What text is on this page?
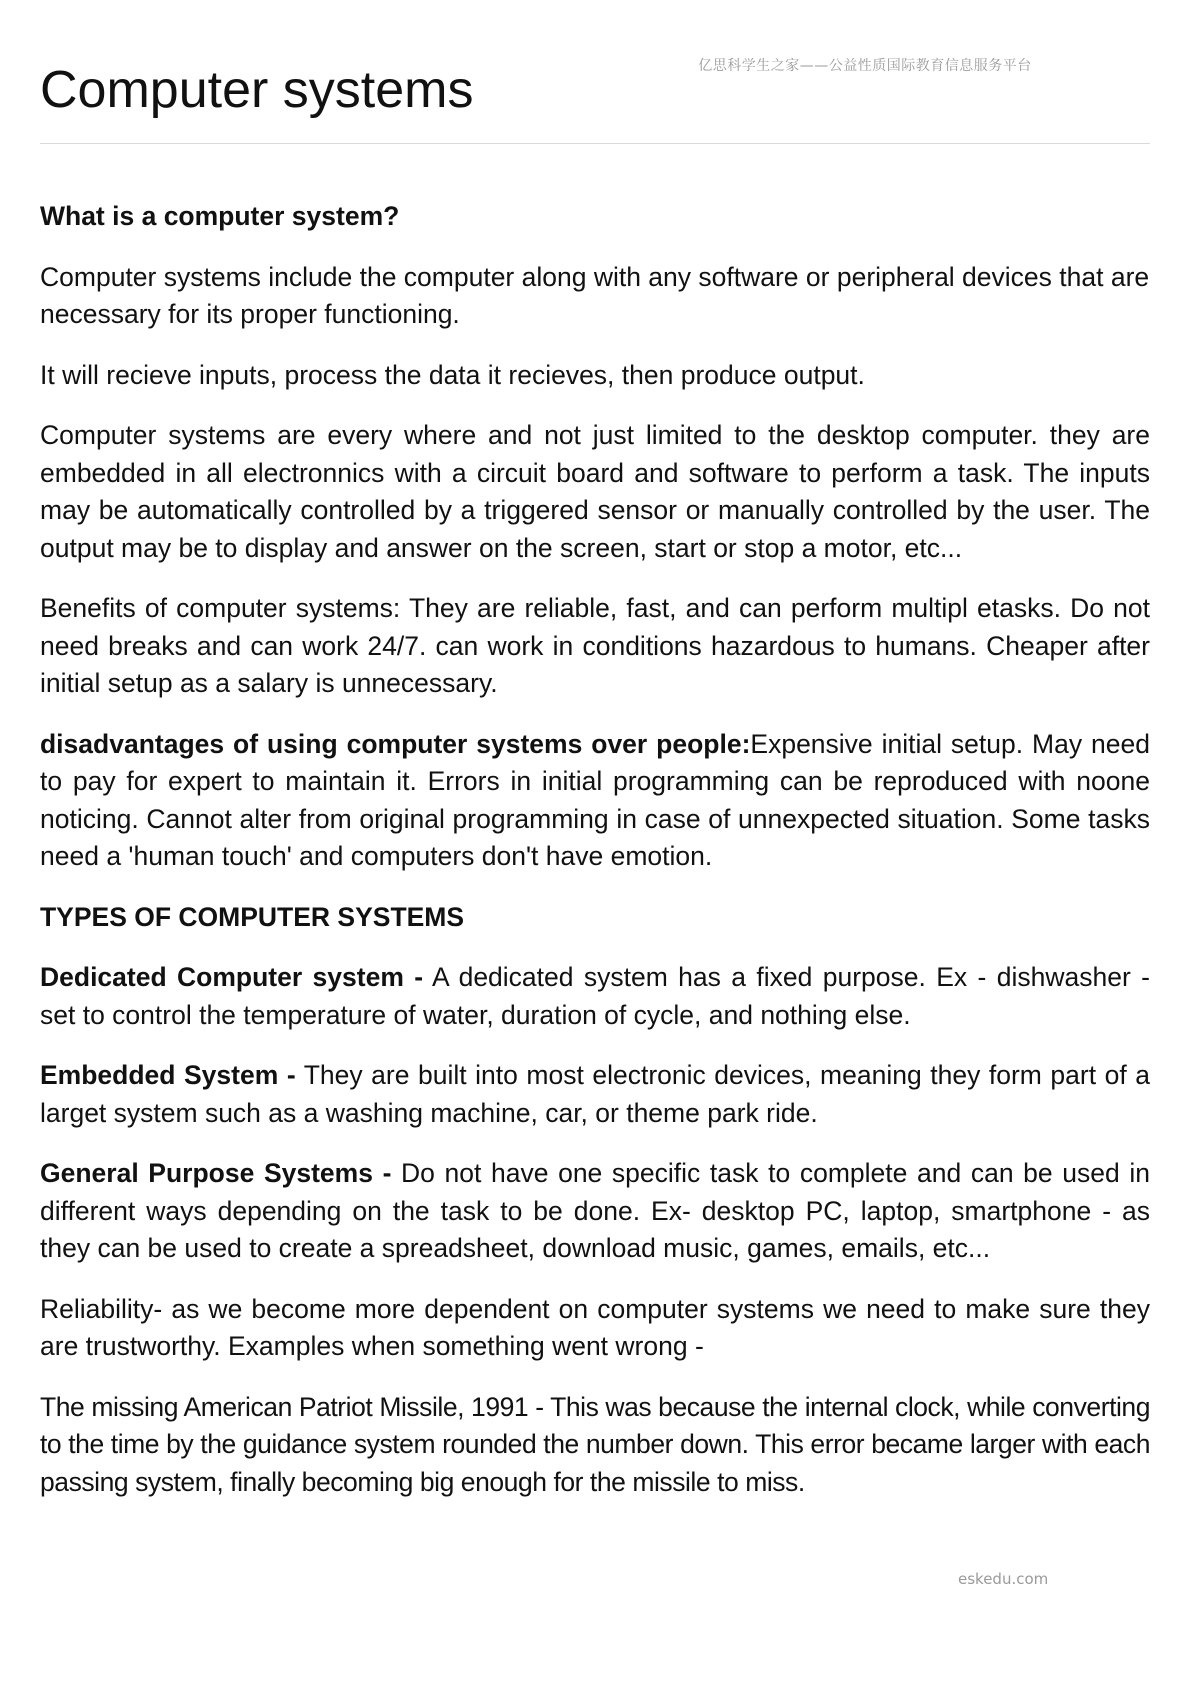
亿思科学生之家——公益性质国际教育信息服务平台
Computer systems

What is a computer system?

Computer systems include the computer along with any software or peripheral devices that are necessary for its proper functioning.

It will recieve inputs, process the data it recieves, then produce output.

Computer systems are every where and not just limited to the desktop computer. they are embedded in all electronnics with a circuit board and software to perform a task. The inputs may be automatically controlled by a triggered sensor or manually controlled by the user. The output may be to display and answer on the screen, start or stop a motor, etc...

Benefits of computer systems: They are reliable, fast, and can perform multipl etasks. Do not need breaks and can work 24/7. can work in conditions hazardous to humans. Cheaper after initial setup as a salary is unnecessary.

disadvantages of using computer systems over people:Expensive initial setup. May need to pay for expert to maintain it. Errors in initial programming can be reproduced with noone noticing. Cannot alter from original programming in case of unnexpected situation. Some tasks need a 'human touch' and computers don't have emotion.

TYPES OF COMPUTER SYSTEMS

Dedicated Computer system - A dedicated system has a fixed purpose. Ex - dishwasher - set to control the temperature of water, duration of cycle, and nothing else.

Embedded System - They are built into most electronic devices, meaning they form part of a larget system such as a washing machine, car, or theme park ride.

General Purpose Systems - Do not have one specific task to complete and can be used in different ways depending on the task to be done. Ex- desktop PC, laptop, smartphone - as they can be used to create a spreadsheet, download music, games, emails, etc...

Reliability- as we become more dependent on computer systems we need to make sure they are trustworthy. Examples when something went wrong -

The missing American Patriot Missile, 1991 - This was because the internal clock, while converting to the time by the guidance system rounded the number down. This error became larger with each passing system, finally becoming big enough for the missile to miss.

eskedu.com
